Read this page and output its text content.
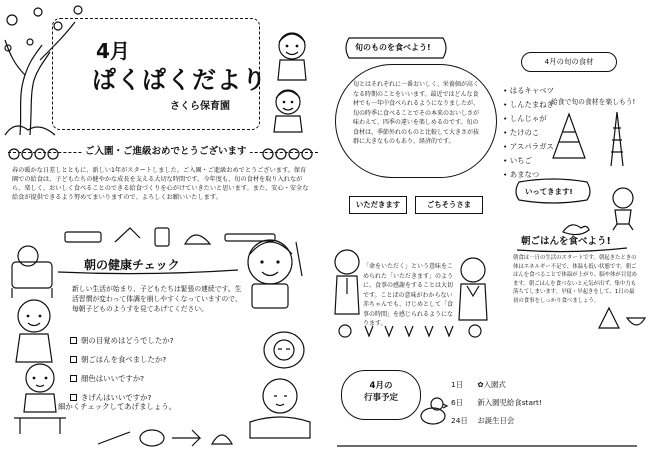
4月
ぱくぱくだより
さくら保育園
ご入園・ご進級おめでとうございます
春の暖かな日差しとともに、新しい1年がスタートしました。ご入園・ご進級おめでとうございます。保育園での給食は、子どもたちの健やかな成長を支える大切な時間です。今年度も、旬の食材を取り入れながら、楽しく、おいしく食べることのできる給食づくりを心がけていきたいと思います。また、安心・安全な給食が提供できるよう努めてまいりますので、よろしくお願いいたします。
朝の健康チェック
新しい生活が始まり、子どもたちは緊張の連続です。生活習慣が変わって体調を崩しやすくなっていますので、毎朝子どものようすを見てあげてください。
朝の目覚めはどうでしたか?
朝ごはんを食べましたか?
顔色はいいですか?
きげんはいいですか?
細かくチェックしてあげましょう。
旬のものを食べよう!
旬とはそれぞれに一番おいしく、栄養価が高くなる時期のことをいいます。最近ではどんな食材でも一年中食べられるようになりましたが、旬の時季に食べることでその本来のおいしさが味わえて、四季の違いを楽しめるのです。旬の食材は、季節外れのものと比較して大きさが抜群に大きなものもあり、経済的です。
4月の旬の食材
• はるキャベツ
• しんたまねぎ
• しんじゃが
• たけのこ
• アスパラガス
• いちご
• あまなつ
給食で旬の食材を楽しもう!
いただきます	ごちそうさま
「命をいただく」という意味をこめられた「いただきます」のように、食事の感謝をすることは大切です。ことばの意味がわからない赤ちゃんでも、けじめとして「食事の時間」を感じられるようになります。
いってきます!
朝ごはんを食べよう!
朝食は一日の生活のスタートです。朝起きたときの体はエネルギー不足で、体温も低い状態です。朝ごはんを食べることで体温が上がり、脳や体が目覚めます。朝ごはんを食べないと元気が出ず、集中力も落ちてしまいます。早寝・早起きをして、1日の最初の食事をしっかり食べましょう。
4月の
行事予定
1日 ✿入園式
6日 新入園児給食start!
24日 お誕生日会
